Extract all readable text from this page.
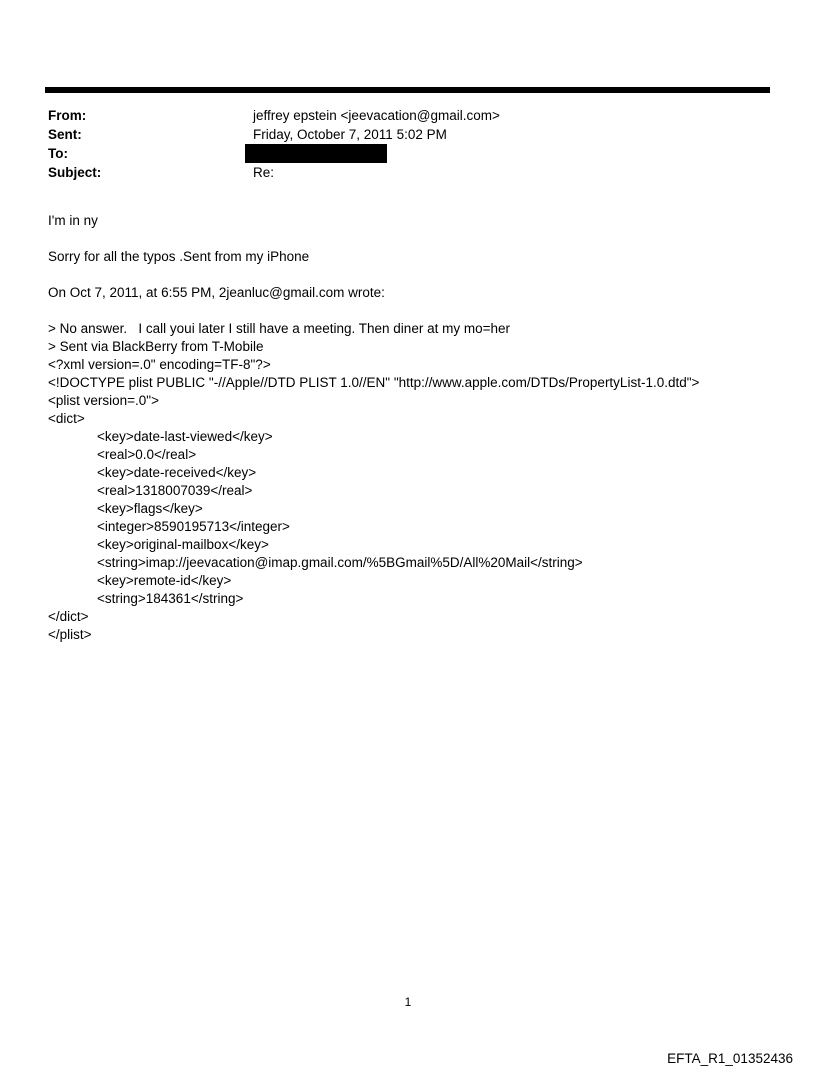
From:	jeffrey epstein <jeevacation@gmail.com>
Sent:	Friday, October 7, 2011 5:02 PM
To:
Subject:	Re:
I'm in ny
Sorry for all the typos .Sent from my iPhone
On Oct 7, 2011, at 6:55 PM, 2jeanluc@gmail.com wrote:
> No answer.   I call youi later I still have a meeting. Then diner at my mo=her
> Sent via BlackBerry from T-Mobile
<?xml version=.0" encoding=TF-8"?>
<!DOCTYPE plist PUBLIC "-//Apple//DTD PLIST 1.0//EN" "http://www.apple.com/DTDs/PropertyList-1.0.dtd">
<plist version=.0">
<dict>
<key>date-last-viewed</key>
<real>0.0</real>
<key>date-received</key>
<real>1318007039</real>
<key>flags</key>
<integer>8590195713</integer>
<key>original-mailbox</key>
<string>imap://jeevacation@imap.gmail.com/%5BGmail%5D/All%20Mail</string>
<key>remote-id</key>
<string>184361</string>
</dict>
</plist>
1
EFTA_R1_01352436
